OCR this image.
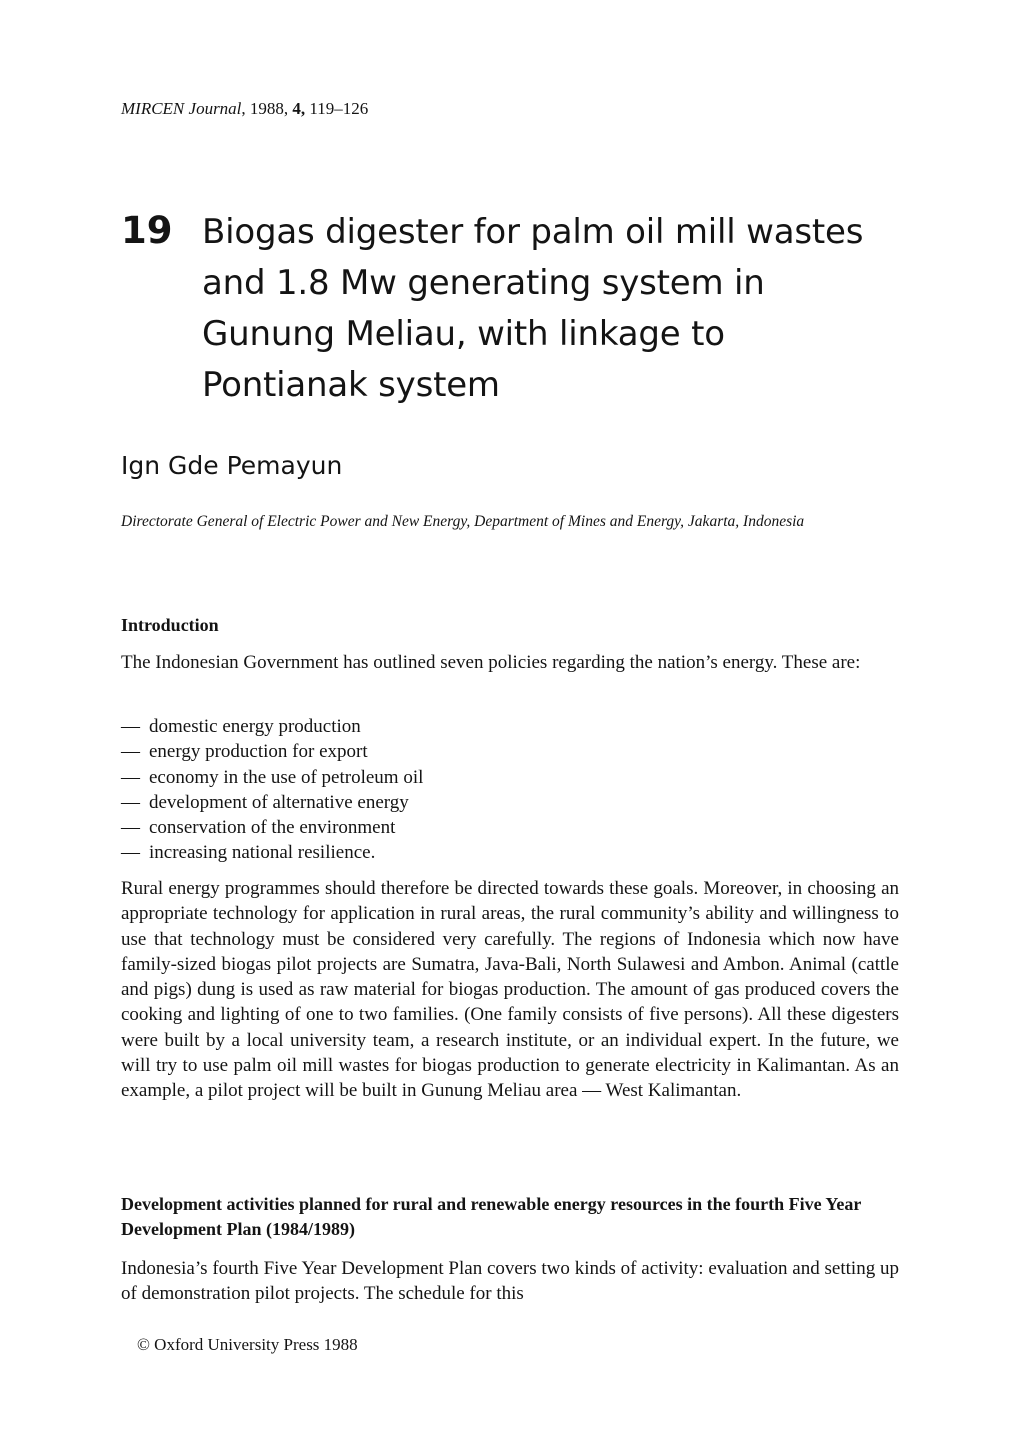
MIRCEN Journal, 1988, 4, 119–126
19 Biogas digester for palm oil mill wastes
and 1.8 Mw generating system in
Gunung Meliau, with linkage to
Pontianak system
Ign Gde Pemayun
Directorate General of Electric Power and New Energy, Department of Mines and Energy, Jakarta, Indonesia
Introduction
The Indonesian Government has outlined seven policies regarding the nation’s energy. These are:
— domestic energy production
— energy production for export
— economy in the use of petroleum oil
— development of alternative energy
— conservation of the environment
— increasing national resilience.
Rural energy programmes should therefore be directed towards these goals. Moreover, in choosing an appropriate technology for application in rural areas, the rural community’s ability and willingness to use that technology must be considered very carefully. The regions of Indonesia which now have family-sized biogas pilot projects are Sumatra, Java-Bali, North Sulawesi and Ambon. Animal (cattle and pigs) dung is used as raw material for biogas production. The amount of gas produced covers the cooking and lighting of one to two families. (One family consists of five persons). All these digesters were built by a local university team, a research institute, or an individual expert. In the future, we will try to use palm oil mill wastes for biogas production to generate electricity in Kalimantan. As an example, a pilot project will be built in Gunung Meliau area — West Kalimantan.
Development activities planned for rural and renewable energy resources in the fourth Five Year Development Plan (1984/1989)
Indonesia’s fourth Five Year Development Plan covers two kinds of activity: evaluation and setting up of demonstration pilot projects. The schedule for this
© Oxford University Press 1988
